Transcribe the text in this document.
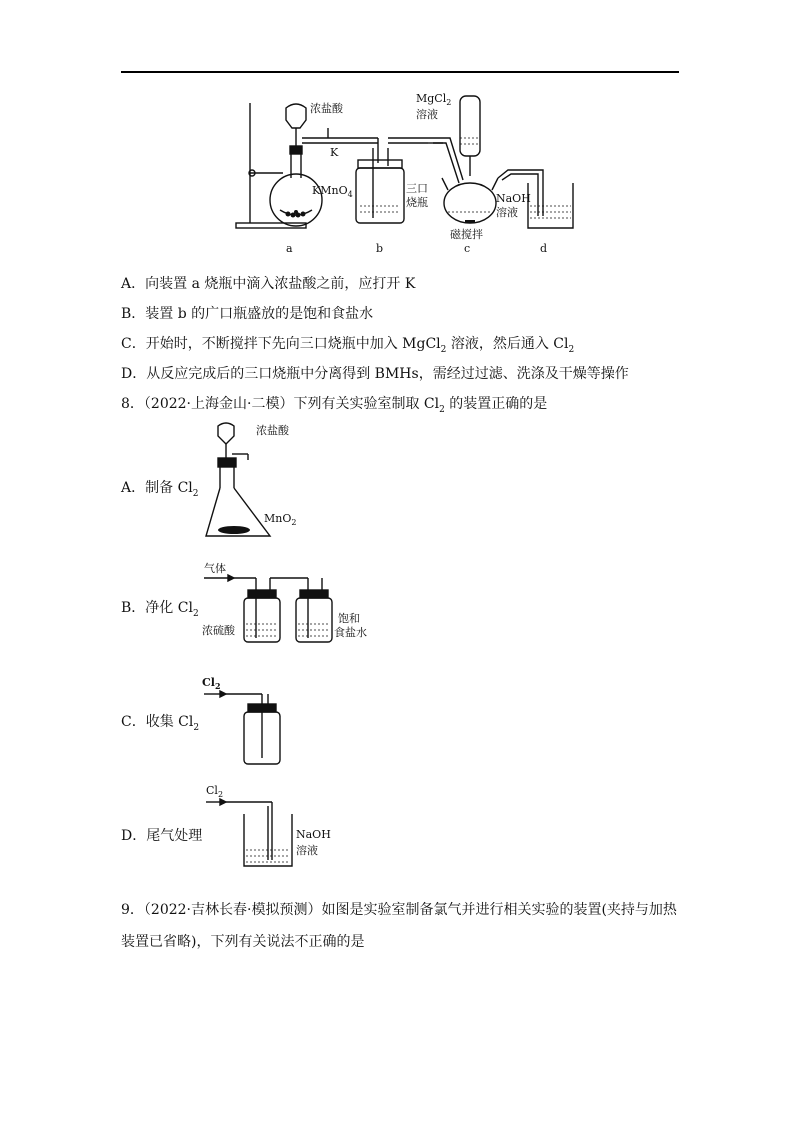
浓盐酸
K
KMnO$_4$
MgCl$_2$
溶液
三口
烧瓶	NaOH
溶液
磁搅拌
a	b	c	d
A．向装置 a 烧瓶中滴入浓盐酸之前，应打开 K
B．装置 b 的广口瓶盛放的是饱和食盐水
C．开始时，不断搅拌下先向三口烧瓶中加入 MgCl$_2$ 溶液，然后通入 $Cl_2$
D．从反应完成后的三口烧瓶中分离得到 BMHs，需经过过滤、洗涤及干燥等操作
8．（2022·上海金山·二模）下列有关实验室制取 $Cl_2$ 的装置正确的是
A．制备 $Cl_2$
浓盐酸
MnO$_2$
B．净化 $Cl_2$
气体
浓硫酸
饱和
食盐水
C．收集 $Cl_2$
$Cl_2$
D．尾气处理
$Cl_2$
NaOH
溶液
9．（2022·吉林长春·模拟预测）如图是实验室制备氯气并进行相关实验的装置(夹持与加热
装置已省略)，下列有关说法不正确的是
